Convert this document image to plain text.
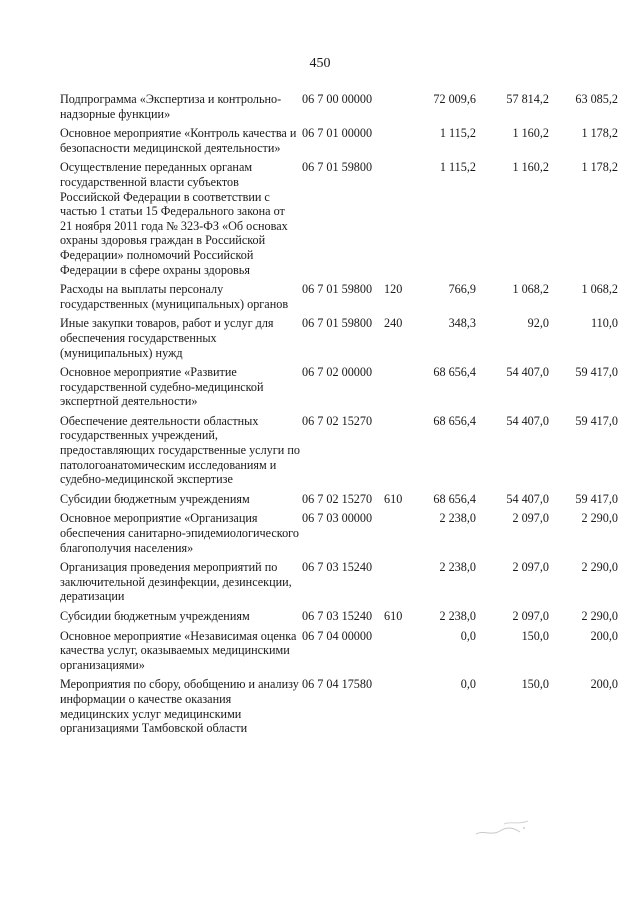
450
Подпрограмма «Экспертиза и контрольно-надзорные функции»	06 7 00 00000		72 009,6	57 814,2	63 085,2
Основное мероприятие «Контроль качества и безопасности медицинской деятельности»	06 7 01 00000		1 115,2	1 160,2	1 178,2
Осуществление переданных органам государственной власти субъектов Российской Федерации в соответствии с частью 1 статьи 15 Федерального закона от 21 ноября 2011 года № 323-ФЗ «Об основах охраны здоровья граждан в Российской Федерации» полномочий Российской Федерации в сфере охраны здоровья	06 7 01 59800		1 115,2	1 160,2	1 178,2
Расходы на выплаты персоналу государственных (муниципальных) органов	06 7 01 59800	120	766,9	1 068,2	1 068,2
Иные закупки товаров, работ и услуг для обеспечения государственных (муниципальных) нужд	06 7 01 59800	240	348,3	92,0	110,0
Основное мероприятие «Развитие государственной судебно-медицинской экспертной деятельности»	06 7 02 00000		68 656,4	54 407,0	59 417,0
Обеспечение деятельности областных государственных учреждений, предоставляющих государственные услуги по патологоанатомическим исследованиям и судебно-медицинской экспертизе	06 7 02 15270		68 656,4	54 407,0	59 417,0
Субсидии бюджетным учреждениям	06 7 02 15270	610	68 656,4	54 407,0	59 417,0
Основное мероприятие «Организация обеспечения санитарно-эпидемиологического благополучия населения»	06 7 03 00000		2 238,0	2 097,0	2 290,0
Организация проведения мероприятий по заключительной дезинфекции, дезинсекции, дератизации	06 7 03 15240		2 238,0	2 097,0	2 290,0
Субсидии бюджетным учреждениям	06 7 03 15240	610	2 238,0	2 097,0	2 290,0
Основное мероприятие «Независимая оценка качества услуг, оказываемых медицинскими организациями»	06 7 04 00000		0,0	150,0	200,0
Мероприятия по сбору, обобщению и анализу информации о качестве оказания медицинских услуг медицинскими организациями Тамбовской области	06 7 04 17580		0,0	150,0	200,0
